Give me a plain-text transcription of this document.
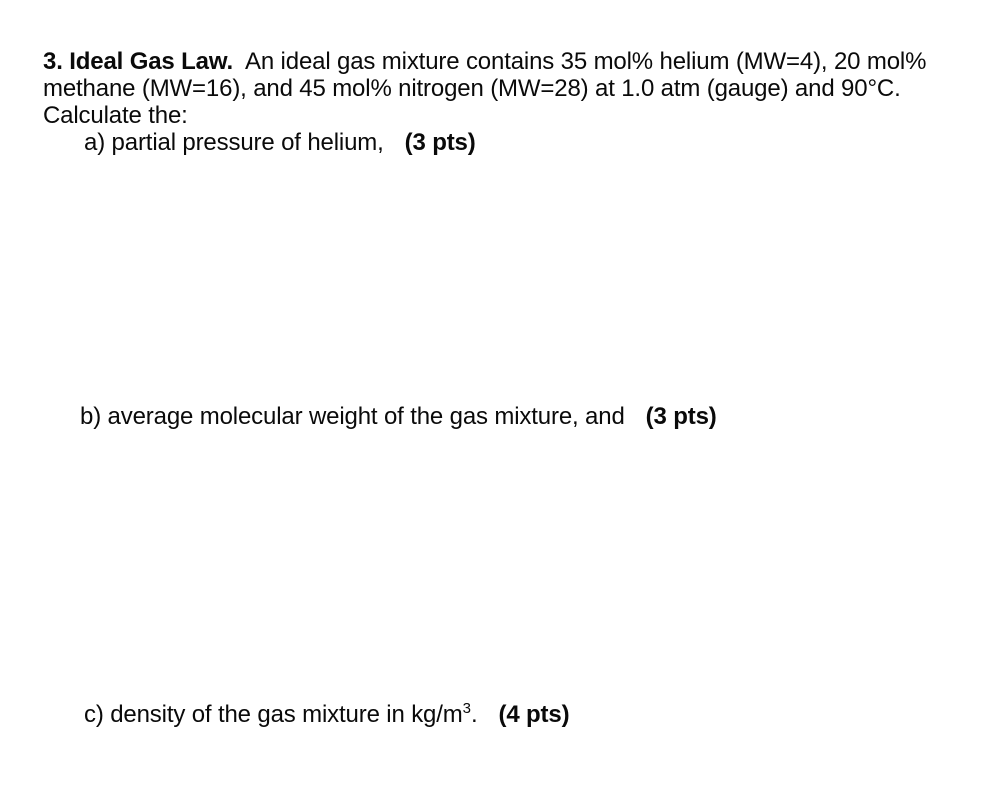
3. Ideal Gas Law. An ideal gas mixture contains 35 mol% helium (MW=4), 20 mol%
methane (MW=16), and 45 mol% nitrogen (MW=28) at 1.0 atm (gauge) and 90°C.
Calculate the:
a) partial pressure of helium, (3 pts)
b) average molecular weight of the gas mixture, and (3 pts)
c) density of the gas mixture in $kg/m^3$. (4 pts)
